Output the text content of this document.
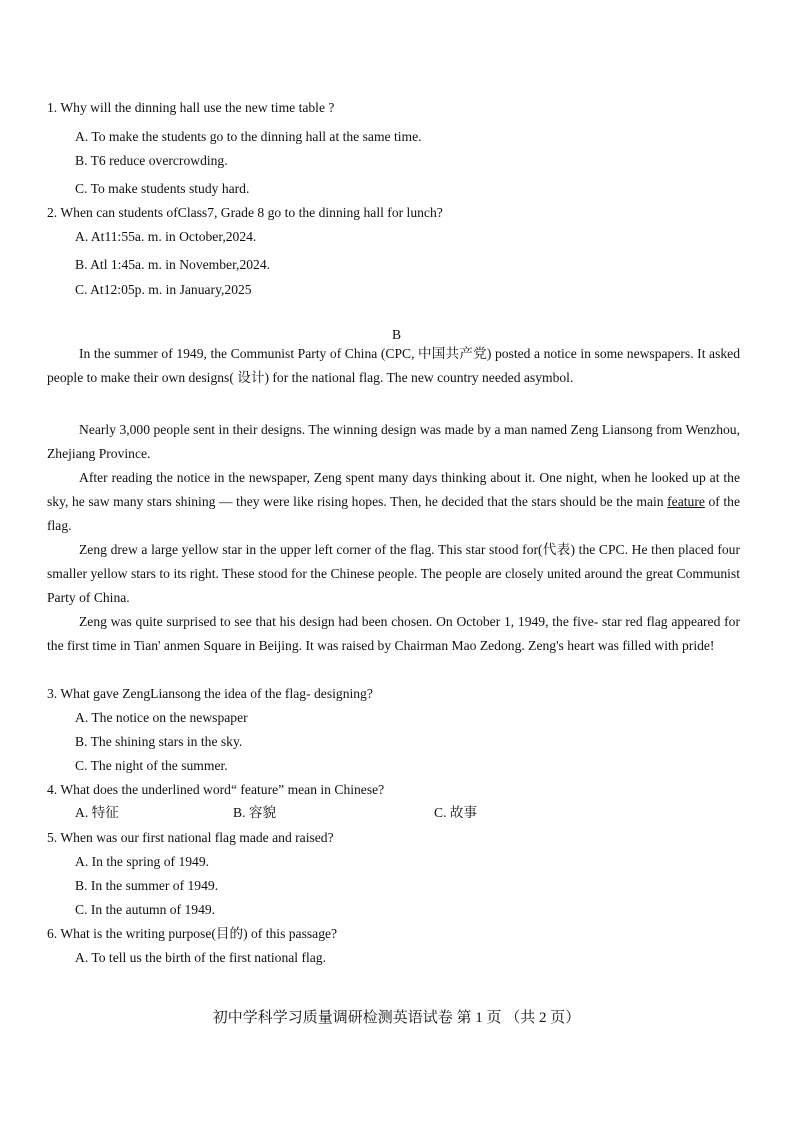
1. Why will the dinning hall use the new time table ?
A. To make the students go to the dinning hall at the same time.
B. T6 reduce overcrowding.
C. To make students study hard.
2. When can students ofClass7, Grade 8 go to the dinning hall for lunch?
A. At11:55a. m. in October,2024.
B. Atl 1:45a. m. in November,2024.
C. At12:05p. m. in January,2025
B
In the summer of 1949, the Communist Party of China (CPC, 中国共产党) posted a notice in some newspapers. It asked people to make their own designs( 设计) for the national flag. The new country needed asymbol.
Nearly 3,000 people sent in their designs. The winning design was made by a man named Zeng Liansong from Wenzhou, Zhejiang Province.
After reading the notice in the newspaper, Zeng spent many days thinking about it. One night, when he looked up at the sky, he saw many stars shining — they were like rising hopes. Then, he decided that the stars should be the main feature of the flag.
Zeng drew a large yellow star in the upper left corner of the flag. This star stood for(代表) the CPC. He then placed four smaller yellow stars to its right. These stood for the Chinese people. The people are closely united around the great Communist Party of China.
Zeng was quite surprised to see that his design had been chosen. On October 1, 1949, the five- star red flag appeared for the first time in Tian' anmen Square in Beijing. It was raised by Chairman Mao Zedong. Zeng's heart was filled with pride!
3. What gave ZengLiansong the idea of the flag- designing?
A. The notice on the newspaper
B. The shining stars in the sky.
C. The night of the summer.
4. What does the underlined word“ feature” mean in Chinese?
A. 特征	B. 容貌	C. 故事
5. When was our first national flag made and raised?
A. In the spring of 1949.
B. In the summer of 1949.
C. In the autumn of 1949.
6. What is the writing purpose(目的) of this passage?
A. To tell us the birth of the first national flag.
初中学科学习质量调研检测英语试卷 第 1 页 （共 2 页）
